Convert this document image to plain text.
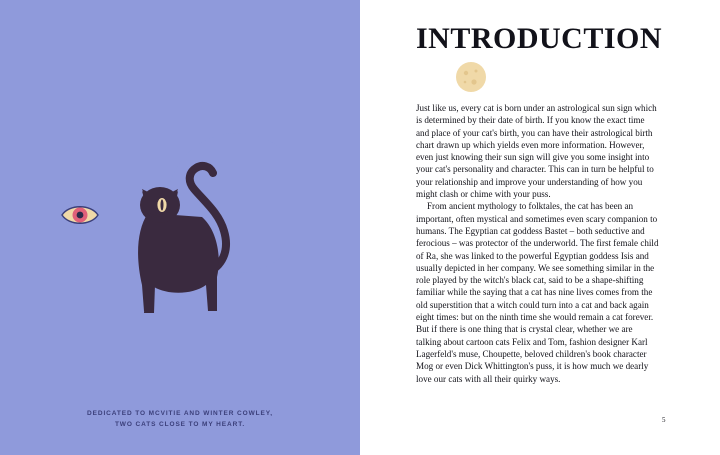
DEDICATED TO MCVITIE AND WINTER COWLEY,
TWO CATS CLOSE TO MY HEART.
INTRODUCTION

Just like us, every cat is born under an astrological sun sign which is determined by their date of birth. If you know the exact time and place of your cat's birth, you can have their astrological birth chart drawn up which yields even more information. However, even just knowing their sun sign will give you some insight into your cat's personality and character. This can in turn be helpful to your relationship and improve your understanding of how you might clash or chime with your puss.

From ancient mythology to folktales, the cat has been an important, often mystical and sometimes even scary companion to humans. The Egyptian cat goddess Bastet – both seductive and ferocious – was protector of the underworld. The first female child of Ra, she was linked to the powerful Egyptian goddess Isis and usually depicted in her company. We see something similar in the role played by the witch's black cat, said to be a shape-shifting familiar while the saying that a cat has nine lives comes from the old superstition that a witch could turn into a cat and back again eight times: but on the ninth time she would remain a cat forever. But if there is one thing that is crystal clear, whether we are talking about cartoon cats Felix and Tom, fashion designer Karl Lagerfeld's muse, Choupette, beloved children's book character Mog or even Dick Whittington's puss, it is how much we dearly love our cats with all their quirky ways.

5
